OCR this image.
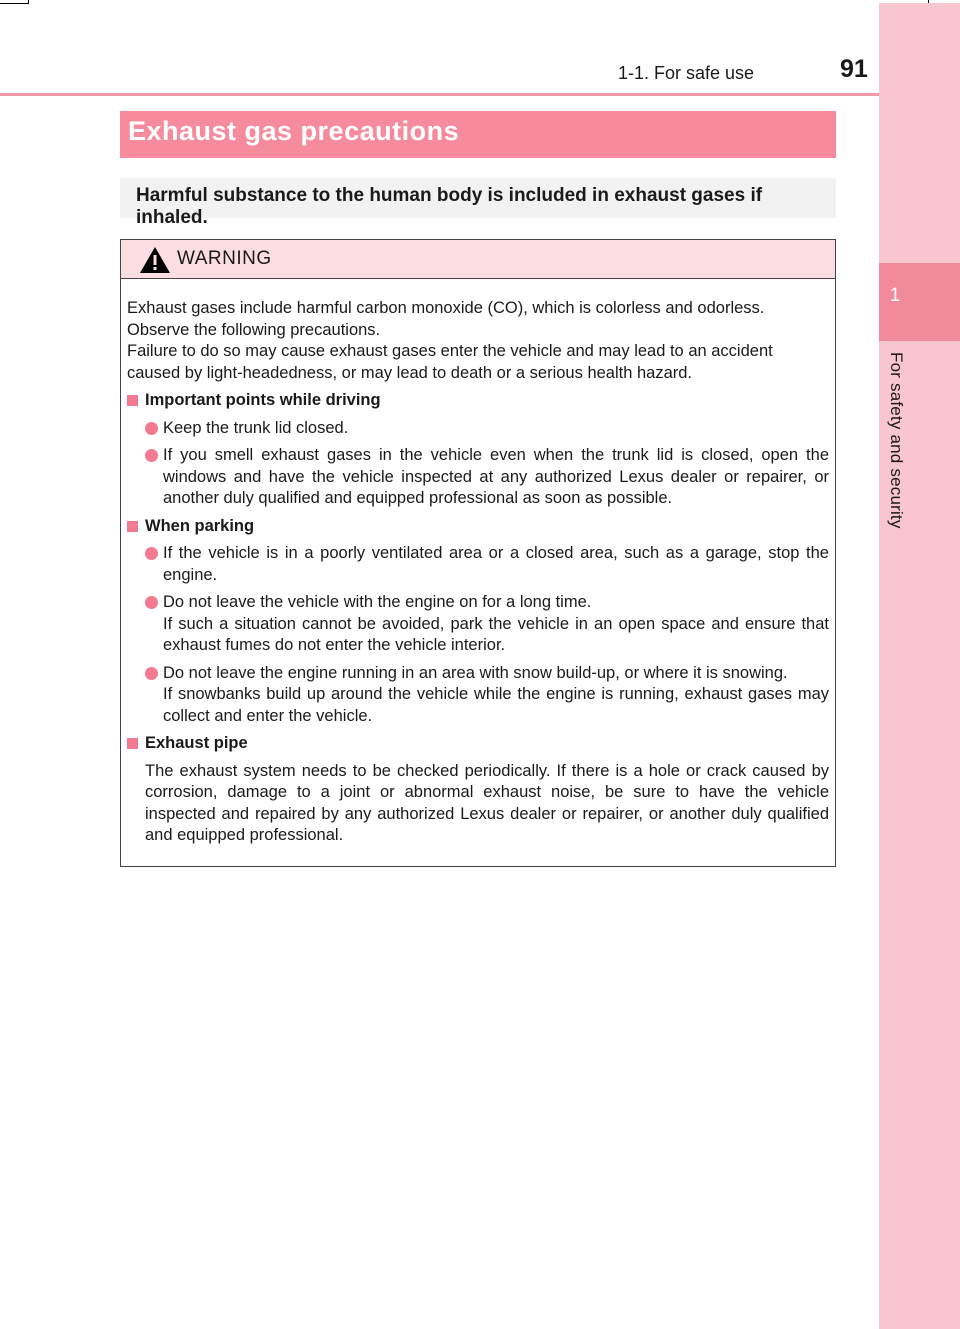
1
For safety and security
1-1. For safe use	91
Exhaust gas precautions
Harmful substance to the human body is included in exhaust gases if inhaled.
WARNING

Exhaust gases include harmful carbon monoxide (CO), which is colorless and odorless.

Observe the following precautions.

Failure to do so may cause exhaust gases enter the vehicle and may lead to an accident caused by light-headedness, or may lead to death or a serious health hazard.

Important points while driving

Keep the trunk lid closed.

If you smell exhaust gases in the vehicle even when the trunk lid is closed, open the windows and have the vehicle inspected at any authorized Lexus dealer or repairer, or another duly qualified and equipped professional as soon as possible.

When parking

If the vehicle is in a poorly ventilated area or a closed area, such as a garage, stop the engine.

Do not leave the vehicle with the engine on for a long time.

If such a situation cannot be avoided, park the vehicle in an open space and ensure that exhaust fumes do not enter the vehicle interior.

Do not leave the engine running in an area with snow build-up, or where it is snowing.

If snowbanks build up around the vehicle while the engine is running, exhaust gases may collect and enter the vehicle.

Exhaust pipe

The exhaust system needs to be checked periodically. If there is a hole or crack caused by corrosion, damage to a joint or abnormal exhaust noise, be sure to have the vehicle inspected and repaired by any authorized Lexus dealer or repairer, or another duly qualified and equipped professional.
